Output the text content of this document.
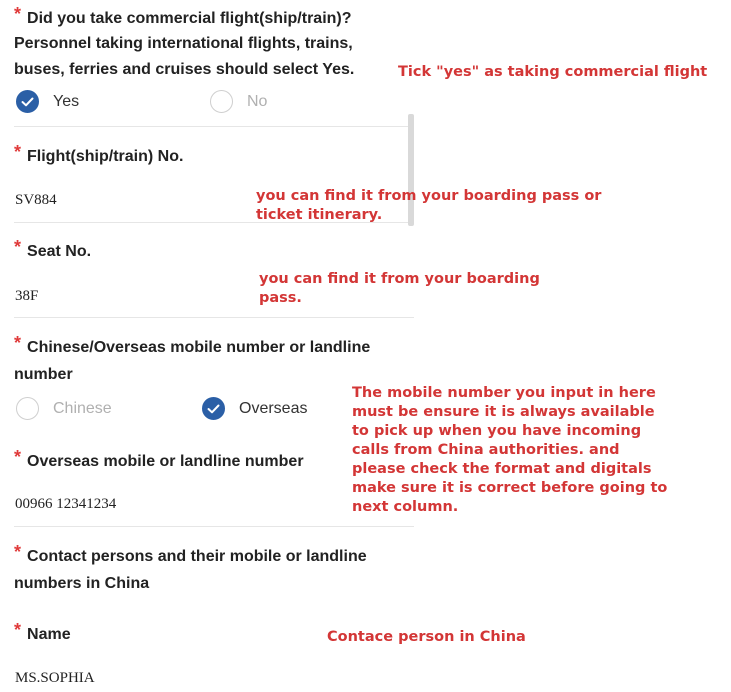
* Did you take commercial flight(ship/train)?
Personnel taking international flights, trains, buses, ferries and cruises should select Yes.
Yes	No
* Flight(ship/train) No.
SV884
* Seat No.
38F
* Chinese/Overseas mobile number or landline number
Chinese	Overseas
* Overseas mobile or landline number
00966 12341234
* Contact persons and their mobile or landline numbers in China
* Name
MS.SOPHIA
Tick "yes" as taking commercial flight
you can find it from your boarding pass or
ticket itinerary.
you can find it from your boarding
pass.
The mobile number you input in here
must be ensure it is always available
to pick up when you have incoming
calls from China authorities. and
please check the format and digitals
make sure it is correct before going to
next column.
Contace person in China
